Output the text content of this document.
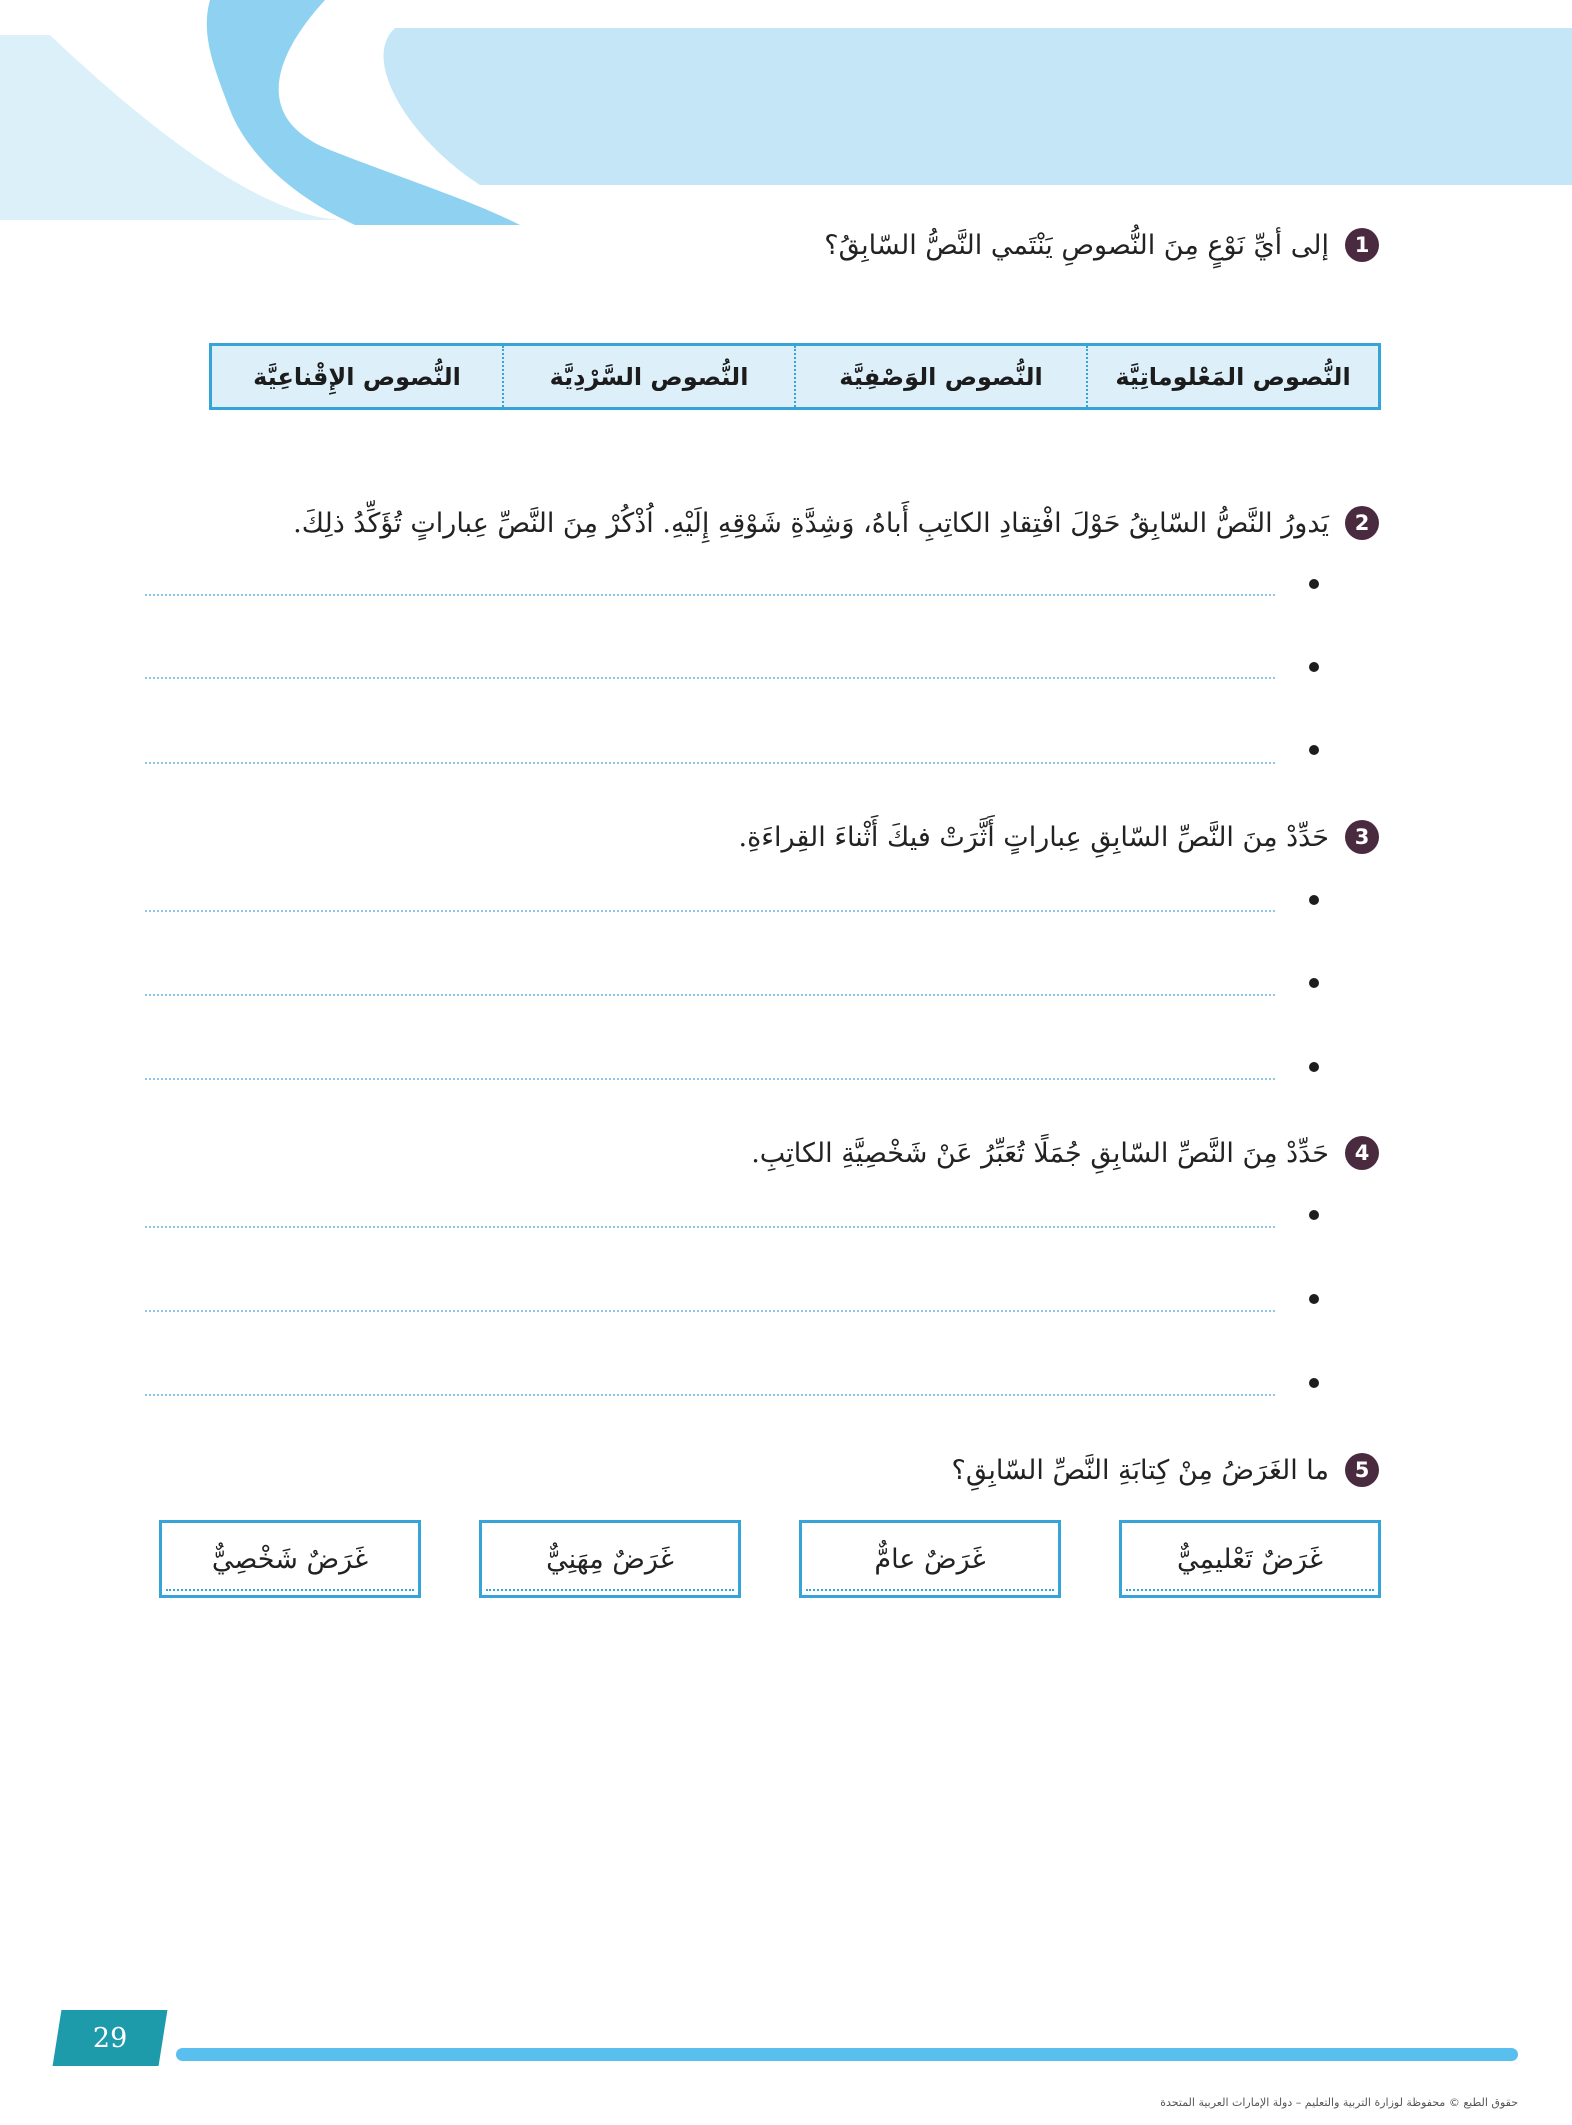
1
إلى أيِّ نَوْعٍ مِنَ النُّصوصِ يَنْتَمي النَّصُّ السّابِقُ؟
النُّصوص المَعْلوماتِيَّة
النُّصوص الوَصْفِيَّة
النُّصوص السَّرْدِيَّة
النُّصوص الإِقْناعِيَّة
2
يَدورُ النَّصُّ السّابِقُ حَوْلَ افْتِقادِ الكاتِبِ أَباهُ، وَشِدَّةِ شَوْقِهِ إِلَيْهِ. اُذْكُرْ مِنَ النَّصِّ عِباراتٍ تُؤَكِّدُ ذلِكَ.
3
حَدِّدْ مِنَ النَّصِّ السّابِقِ عِباراتٍ أَثَّرَتْ فيكَ أَثْناءَ القِراءَةِ.
4
حَدِّدْ مِنَ النَّصِّ السّابِقِ جُمَلًا تُعَبِّرُ عَنْ شَخْصِيَّةِ الكاتِبِ.
5
ما الغَرَضُ مِنْ كِتابَةِ النَّصِّ السّابِقِ؟
غَرَضٌ تَعْليمِيٌّ
غَرَضٌ عامٌّ
غَرَضٌ مِهَنِيٌّ
غَرَضٌ شَخْصِيٌّ
29
حقوق الطبع © محفوظة لوزارة التربية والتعليم – دولة الإمارات العربية المتحدة
